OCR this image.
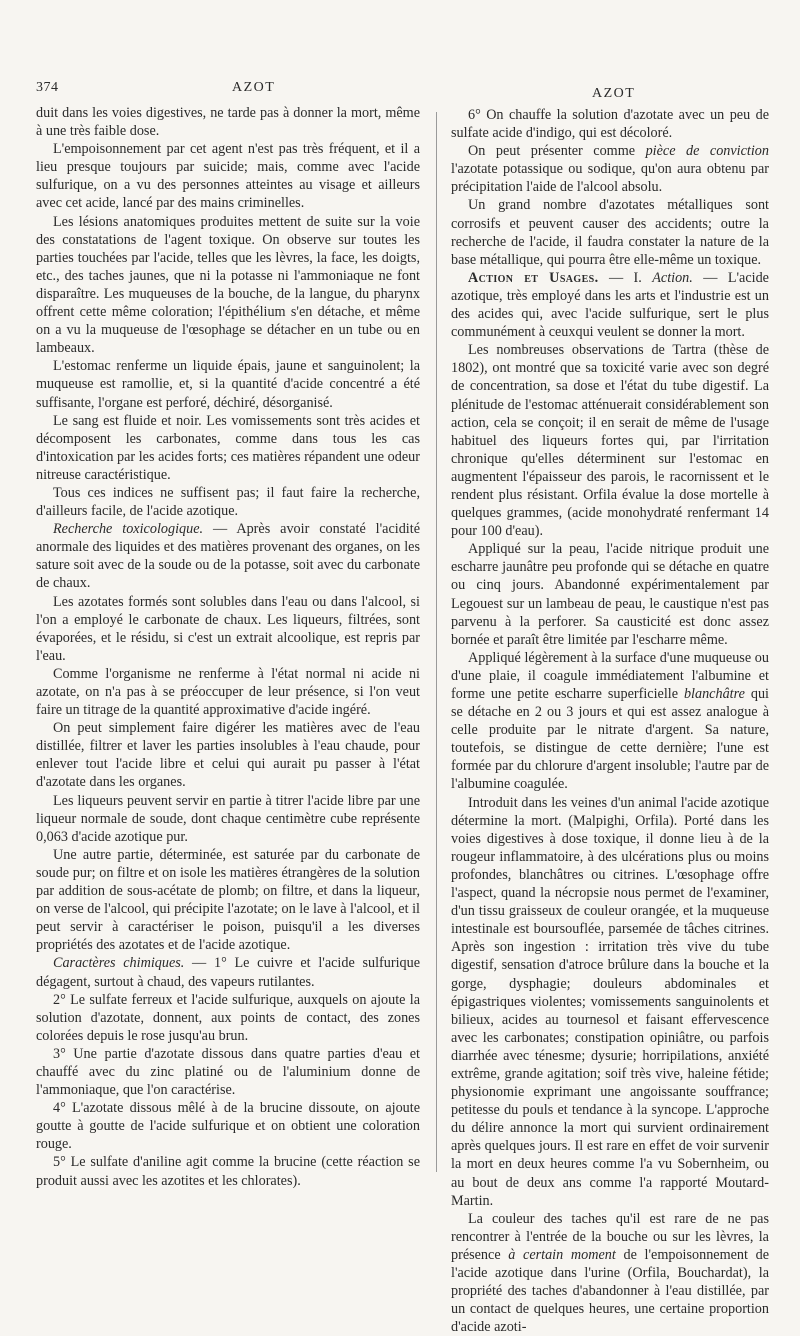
374	AZOT	AZOT

duit dans les voies digestives, ne tarde pas à donner la mort, même à une très faible dose.

L'empoisonnement par cet agent n'est pas très fréquent, et il a lieu presque toujours par suicide; mais, comme avec l'acide sulfurique, on a vu des personnes atteintes au visage et ailleurs avec cet acide, lancé par des mains criminelles.

Les lésions anatomiques produites mettent de suite sur la voie des constatations de l'agent toxique. On observe sur toutes les parties touchées par l'acide, telles que les lèvres, la face, les doigts, etc., des taches jaunes, que ni la potasse ni l'ammoniaque ne font disparaître. Les muqueuses de la bouche, de la langue, du pharynx offrent cette même coloration; l'épithélium s'en détache, et même on a vu la muqueuse de l'œsophage se détacher en un tube ou en lambeaux.

L'estomac renferme un liquide épais, jaune et sanguinolent; la muqueuse est ramollie, et, si la quantité d'acide concentré a été suffisante, l'organe est perforé, déchiré, désorganisé.

Le sang est fluide et noir. Les vomissements sont très acides et décomposent les carbonates, comme dans tous les cas d'intoxication par les acides forts; ces matières répandent une odeur nitreuse caractéristique.

Tous ces indices ne suffisent pas; il faut faire la recherche, d'ailleurs facile, de l'acide azotique.

Recherche toxicologique. — Après avoir constaté l'acidité anormale des liquides et des matières provenant des organes, on les sature soit avec de la soude ou de la potasse, soit avec du carbonate de chaux.

Les azotates formés sont solubles dans l'eau ou dans l'alcool, si l'on a employé le carbonate de chaux. Les liqueurs, filtrées, sont évaporées, et le résidu, si c'est un extrait alcoolique, est repris par l'eau.

Comme l'organisme ne renferme à l'état normal ni acide ni azotate, on n'a pas à se préoccuper de leur présence, si l'on veut faire un titrage de la quantité approximative d'acide ingéré.

On peut simplement faire digérer les matières avec de l'eau distillée, filtrer et laver les parties insolubles à l'eau chaude, pour enlever tout l'acide libre et celui qui aurait pu passer à l'état d'azotate dans les organes.

Les liqueurs peuvent servir en partie à titrer l'acide libre par une liqueur normale de soude, dont chaque centimètre cube représente 0,063 d'acide azotique pur.

Une autre partie, déterminée, est saturée par du carbonate de soude pur; on filtre et on isole les matières étrangères de la solution par addition de sous-acétate de plomb; on filtre, et dans la liqueur, on verse de l'alcool, qui précipite l'azotate; on le lave à l'alcool, et il peut servir à caractériser le poison, puisqu'il a les diverses propriétés des azotates et de l'acide azotique.

Caractères chimiques. — 1° Le cuivre et l'acide sulfurique dégagent, surtout à chaud, des vapeurs rutilantes.

2° Le sulfate ferreux et l'acide sulfurique, auxquels on ajoute la solution d'azotate, donnent, aux points de contact, des zones colorées depuis le rose jusqu'au brun.

3° Une partie d'azotate dissous dans quatre parties d'eau et chauffé avec du zinc platiné ou de l'aluminium donne de l'ammoniaque, que l'on caractérise.

4° L'azotate dissous mêlé à de la brucine dissoute, on ajoute goutte à goutte de l'acide sulfurique et on obtient une coloration rouge.

5° Le sulfate d'aniline agit comme la brucine (cette réaction se produit aussi avec les azotites et les chlorates).

6° On chauffe la solution d'azotate avec un peu de sulfate acide d'indigo, qui est décoloré.

On peut présenter comme pièce de conviction l'azotate potassique ou sodique, qu'on aura obtenu par précipitation l'aide de l'alcool absolu.

Un grand nombre d'azotates métalliques sont corrosifs et peuvent causer des accidents; outre la recherche de l'acide, il faudra constater la nature de la base métallique, qui pourra être elle-même un toxique.

Action et Usages. — I. Action. — L'acide azotique, très employé dans les arts et l'industrie est un des acides qui, avec l'acide sulfurique, sert le plus communément à ceuxqui veulent se donner la mort.

Les nombreuses observations de Tartra (thèse de 1802), ont montré que sa toxicité varie avec son degré de concentration, sa dose et l'état du tube digestif. La plénitude de l'estomac atténuerait considérablement son action, cela se conçoit; il en serait de même de l'usage habituel des liqueurs fortes qui, par l'irritation chronique qu'elles déterminent sur l'estomac en augmentent l'épaisseur des parois, le racornissent et le rendent plus résistant. Orfila évalue la dose mortelle à quelques grammes, (acide monohydraté renfermant 14 pour 100 d'eau).

Appliqué sur la peau, l'acide nitrique produit une escharre jaunâtre peu profonde qui se détache en quatre ou cinq jours. Abandonné expérimentalement par Legouest sur un lambeau de peau, le caustique n'est pas parvenu à la perforer. Sa causticité est donc assez bornée et paraît être limitée par l'escharre même.

Appliqué légèrement à la surface d'une muqueuse ou d'une plaie, il coagule immédiatement l'albumine et forme une petite escharre superficielle blanchâtre qui se détache en 2 ou 3 jours et qui est assez analogue à celle produite par le nitrate d'argent. Sa nature, toutefois, se distingue de cette dernière; l'une est formée par du chlorure d'argent insoluble; l'autre par de l'albumine coagulée.

Introduit dans les veines d'un animal l'acide azotique détermine la mort. (Malpighi, Orfila). Porté dans les voies digestives à dose toxique, il donne lieu à de la rougeur inflammatoire, à des ulcérations plus ou moins profondes, blanchâtres ou citrines. L'œsophage offre l'aspect, quand la nécropsie nous permet de l'examiner, d'un tissu graisseux de couleur orangée, et la muqueuse intestinale est boursouflée, parsemée de tâches citrines. Après son ingestion : irritation très vive du tube digestif, sensation d'atroce brûlure dans la bouche et la gorge, dysphagie; douleurs abdominales et épigastriques violentes; vomissements sanguinolents et bilieux, acides au tournesol et faisant effervescence avec les carbonates; constipation opiniâtre, ou parfois diarrhée avec ténesme; dysurie; horripilations, anxiété extrême, grande agitation; soif très vive, haleine fétide; physionomie exprimant une angoissante souffrance; petitesse du pouls et tendance à la syncope. L'approche du délire annonce la mort qui survient ordinairement après quelques jours. Il est rare en effet de voir survenir la mort en deux heures comme l'a vu Sobernheim, ou au bout de deux ans comme l'a rapporté Moutard-Martin.

La couleur des taches qu'il est rare de ne pas rencontrer à l'entrée de la bouche ou sur les lèvres, la présence à certain moment de l'empoisonnement de l'acide azotique dans l'urine (Orfila, Bouchardat), la propriété des taches d'abandonner à l'eau distillée, par un contact de quelques heures, une certaine proportion d'acide azoti-
